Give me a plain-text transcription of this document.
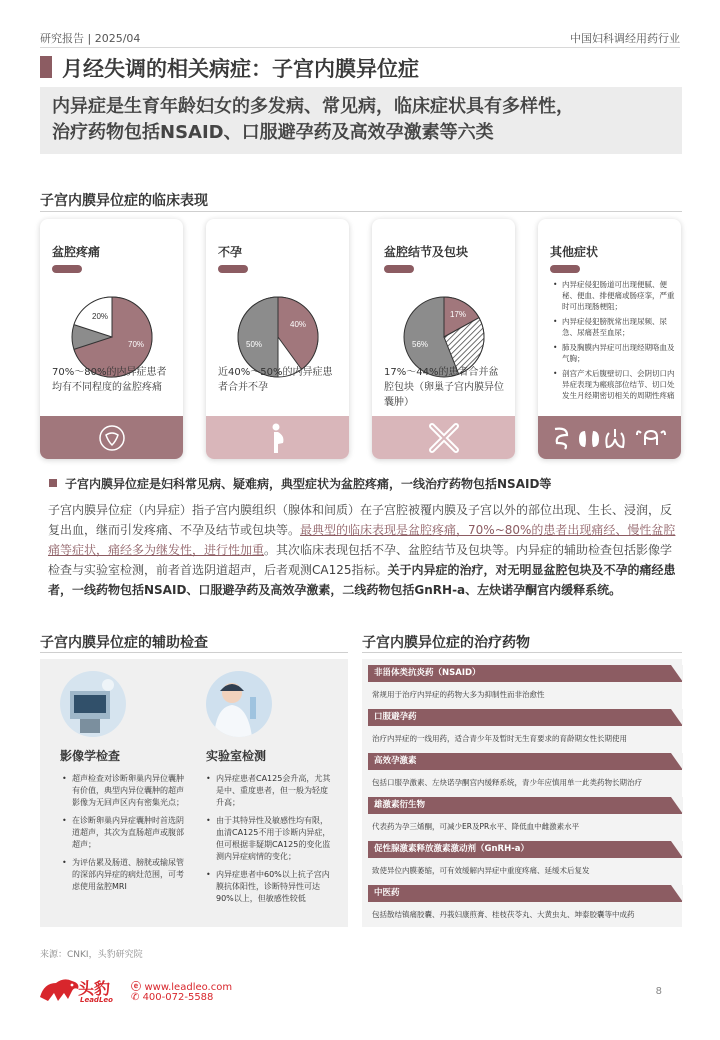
研究报告 | 2025/04	中国妇科调经用药行业
月经失调的相关病症：子宫内膜异位症
内异症是生育年龄妇女的多发病、常见病，临床症状具有多样性，
治疗药物包括NSAID、口服避孕药及高效孕激素等六类
子宫内膜异位症的临床表现
盆腔疼痛
70%
20%
70%～80%的内异症患者均有不同程度的盆腔疼痛
不孕
40%
50%
近40%～50%的内异症患者合并不孕
盆腔结节及包块
17%
56%
17%～44%的患者合并盆腔包块（卵巢子宫内膜异位囊肿）
其他症状
• 内异症侵犯肠道可出现便腻、便秘、便血、排便痛或肠痉挛，严重时可出现肠梗阻；
• 内异症侵犯膀胱常出现尿频、尿急、尿痛甚至血尿；
• 肺及胸膜内异症可出现经期咯血及气胸；
• 剖宫产术后腹壁切口、会阴切口内异症表现为瘢痕部位结节、切口处发生月经期密切相关的周期性疼痛
子宫内膜异位症是妇科常见病、疑难病，典型症状为盆腔疼痛，一线治疗药物包括NSAID等
子宫内膜异位症（内异症）指子宫内膜组织（腺体和间质）在子宫腔被覆内膜及子宫以外的部位出现、生长、浸润，反复出血，继而引发疼痛、不孕及结节或包块等。最典型的临床表现是盆腔疼痛，70%~80%的患者出现痛经、慢性盆腔痛等症状，痛经多为继发性，进行性加重。其次临床表现包括不孕、盆腔结节及包块等。内异症的辅助检查包括影像学检查与实验室检测，前者首选阴道超声，后者观测CA125指标。关于内异症的治疗，对无明显盆腔包块及不孕的痛经患者，一线药物包括NSAID、口服避孕药及高效孕激素，二线药物包括GnRH-a、左炔诺孕酮宫内缓释系统。
子宫内膜异位症的辅助检查
影像学检查	实验室检测
• 超声检查对诊断卵巢内异位囊肿有价值，典型内异位囊肿的超声影像为无回声区内有密集光点；
• 在诊断卵巢内异症囊肿时首选阴道超声，其次为直肠超声或腹部超声；
• 为评估累及肠道、膀胱或输尿管的深部内异症的病灶范围，可考虑使用盆腔MRI
• 内异症患者CA125会升高，尤其是中、重度患者，但一般为轻度升高；
• 由于其特异性及敏感性均有限，血清CA125不用于诊断内异症，但可根据非疑期CA125的变化监测内异症病情的变化；
• 内异症患者中60%以上抗子宫内膜抗体阳性，诊断特异性可达90%以上，但敏感性较低
子宫内膜异位症的治疗药物
非甾体类抗炎药（NSAID）
常规用于治疗内异症的药物大多为抑制性而非治愈性
口服避孕药
治疗内异症的一线用药，适合青少年及暂时无生育要求的育龄期女性长期使用
高效孕激素
包括口服孕激素、左炔诺孕酮宫内缓释系统，青少年应慎用单一此类药物长期治疗
雄激素衍生物
代表药为孕三烯酮，可减少ER及PR水平、降低血中雌激素水平
促性腺激素释放激素激动剂（GnRH-a）
致使异位内膜萎缩，可有效缓解内异症中重度疼痛、延缓术后复发
中医药
包括散结镇痛胶囊、丹莪妇康煎膏、桂枝茯苓丸、大黄虫丸、坤泰胶囊等中成药
来源：CNKI，头豹研究院
头豹
LeadLeo
ⓔ www.leadleo.com
✆ 400-072-5588
8
